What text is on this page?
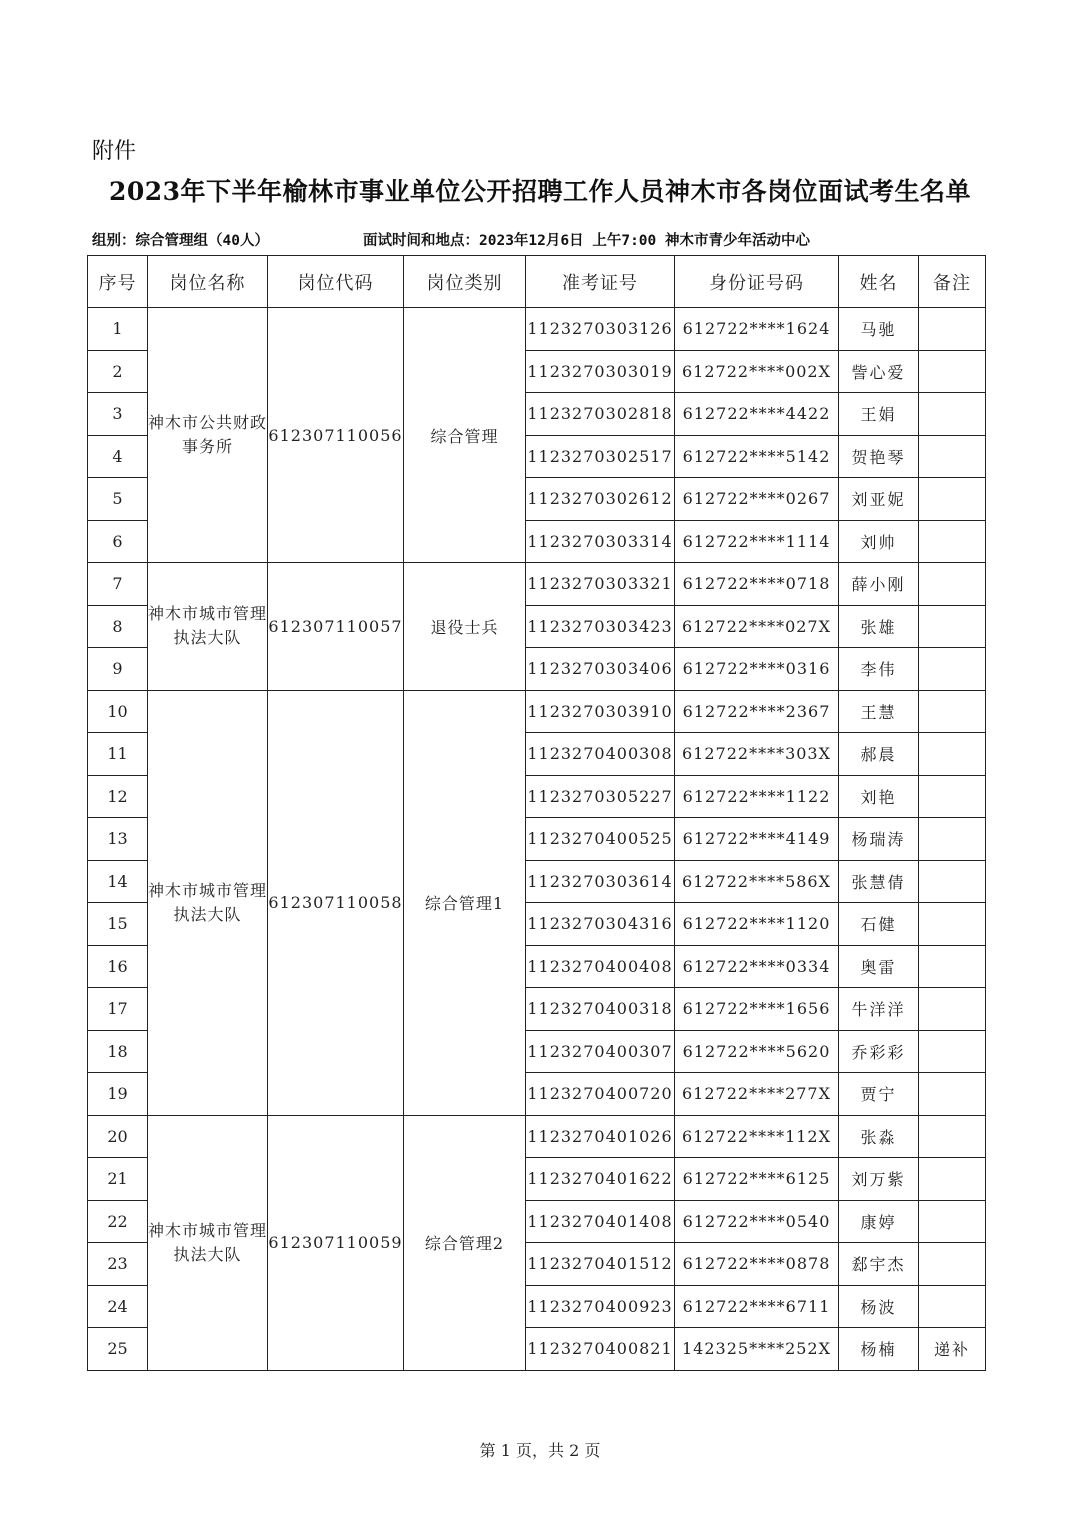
附件
2023年下半年榆林市事业单位公开招聘工作人员神木市各岗位面试考生名单
组别：综合管理组（40人）	面试时间和地点：2023年12月6日 上午7:00 神木市青少年活动中心
序号	岗位名称	岗位代码	岗位类别	准考证号	身份证号码	姓名	备注
1	神木市公共财政事务所	612307110056	综合管理	1123270303126	612722****1624	马驰	
2				1123270303019	612722****002X	訾心爱	
3				1123270302818	612722****4422	王娟	
4				1123270302517	612722****5142	贺艳琴	
5				1123270302612	612722****0267	刘亚妮	
6				1123270303314	612722****1114	刘帅	
7	神木市城市管理执法大队	612307110057	退役士兵	1123270303321	612722****0718	薛小刚	
8				1123270303423	612722****027X	张雄	
9				1123270303406	612722****0316	李伟	
10	神木市城市管理执法大队	612307110058	综合管理1	1123270303910	612722****2367	王慧	
11				1123270400308	612722****303X	郝晨	
12				1123270305227	612722****1122	刘艳	
13				1123270400525	612722****4149	杨瑞涛	
14				1123270303614	612722****586X	张慧倩	
15				1123270304316	612722****1120	石健	
16				1123270400408	612722****0334	奥雷	
17				1123270400318	612722****1656	牛洋洋	
18				1123270400307	612722****5620	乔彩彩	
19				1123270400720	612722****277X	贾宁	
20	神木市城市管理执法大队	612307110059	综合管理2	1123270401026	612722****112X	张淼	
21				1123270401622	612722****6125	刘万紫	
22				1123270401408	612722****0540	康婷	
23				1123270401512	612722****0878	郄宇杰	
24				1123270400923	612722****6711	杨波	
25				1123270400821	142325****252X	杨楠	递补
第 1 页，共 2 页
